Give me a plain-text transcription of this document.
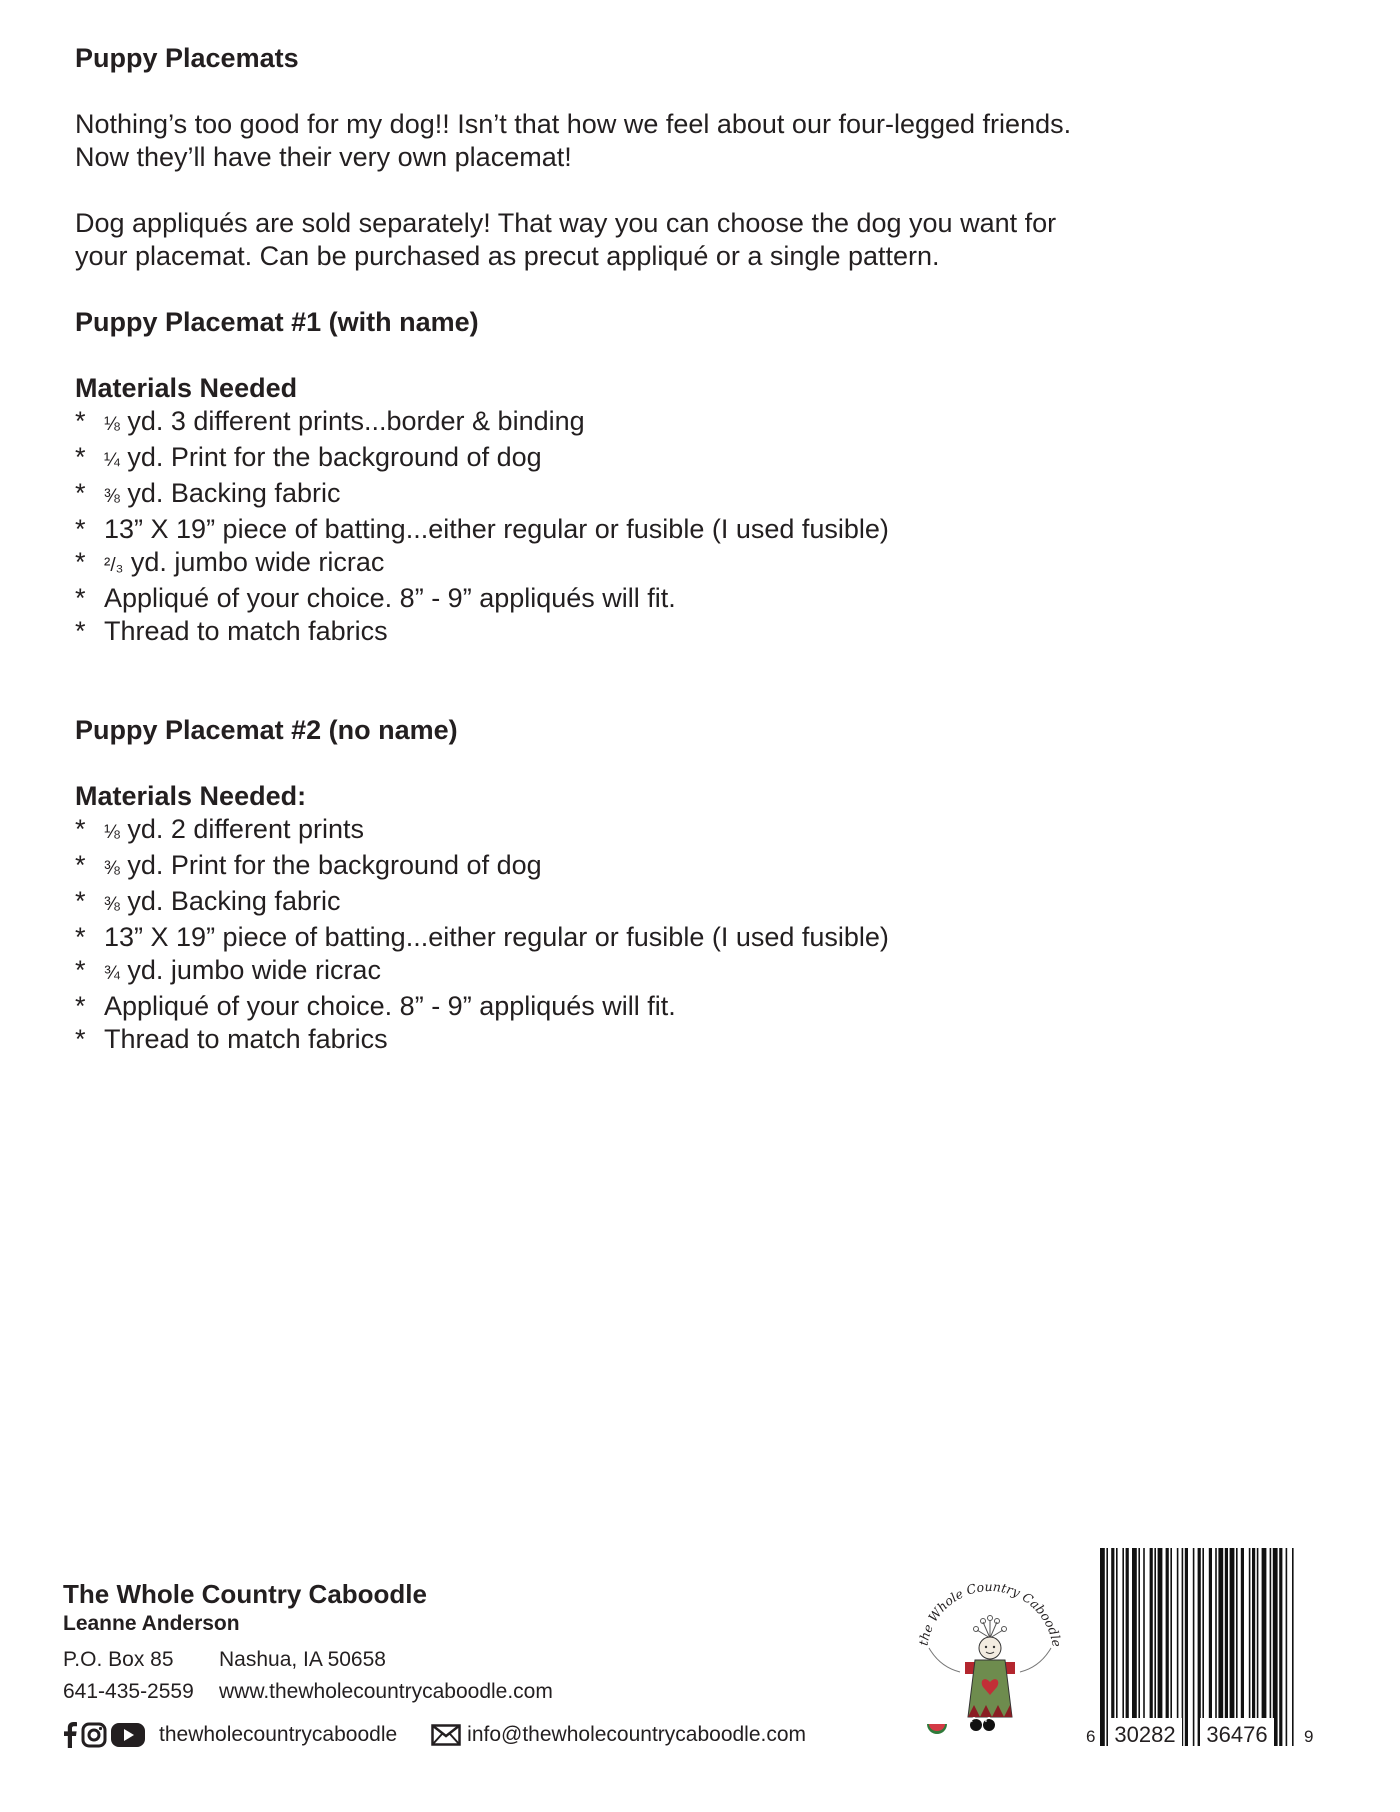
Puppy Placemats

Nothing’s too good for my dog!! Isn’t that how we feel about our four-legged friends.

Now they’ll have their very own placemat!

Dog appliqués are sold separately! That way you can choose the dog you want for

your placemat. Can be purchased as precut appliqué or a single pattern.

Puppy Placemat #1 (with name)

Materials Needed

* ⅛ yd. 3 different prints...border & binding
* ¼ yd. Print for the background of dog
* ⅜ yd. Backing fabric
* 13” X 19” piece of batting...either regular or fusible (I used fusible)
* ²/₃ yd. jumbo wide ricrac
* Appliqué of your choice. 8” - 9” appliqués will fit.
* Thread to match fabrics

Puppy Placemat #2 (no name)

Materials Needed:

* ⅛ yd. 2 different prints
* ⅜ yd. Print for the background of dog
* ⅜ yd. Backing fabric
* 13” X 19” piece of batting...either regular or fusible (I used fusible)
* ¾ yd. jumbo wide ricrac
* Appliqué of your choice. 8” - 9” appliqués will fit.
* Thread to match fabrics
The Whole Country Caboodle
Leanne Anderson
P.O. Box 85	Nashua, IA 50658
641-435-2559	www.thewholecountrycaboodle.com
thewholecountrycaboodle	info@thewholecountrycaboodle.com
the Whole Country Caboodle
6 30282 36476 9
